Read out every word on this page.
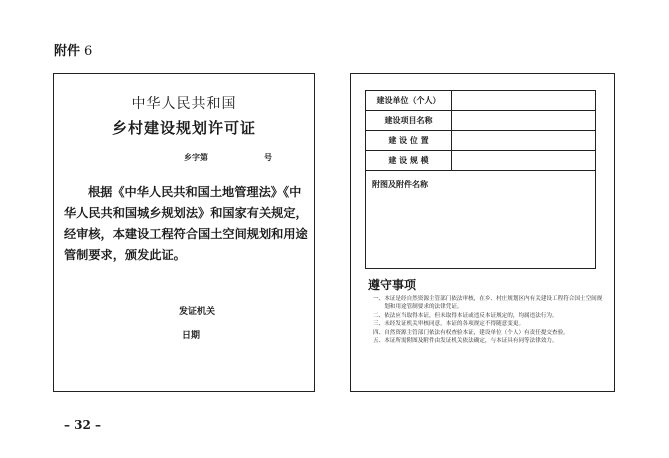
附件 6
中华人民共和国
乡村建设规划许可证
乡字第	号
根据《中华人民共和国土地管理法》《中华人民共和国城乡规划法》和国家有关规定，经审核，本建设工程符合国土空间规划和用途管制要求，颁发此证。
发证机关
日期
建设单位（个人）
建设项目名称
建 设 位 置
建 设 规 模
附图及附件名称
遵守事项
一、 本证是经自然资源主管部门依法审核，在乡、村庄规划区内有关建设工程符合国土空间规划和用途管制要求的法律凭证。
二、 依法应当取得本证，但未取得本证或违反本证规定的，均属违法行为。
三、 未经发证机关审核同意，本证的各项规定不得随意变更。
四、 自然资源主管部门依法有权查验本证，建设单位（个人）有责任提交查验。
五、 本证所需附图及附件由发证机关依法确定，与本证具有同等法律效力。
– 32 –
